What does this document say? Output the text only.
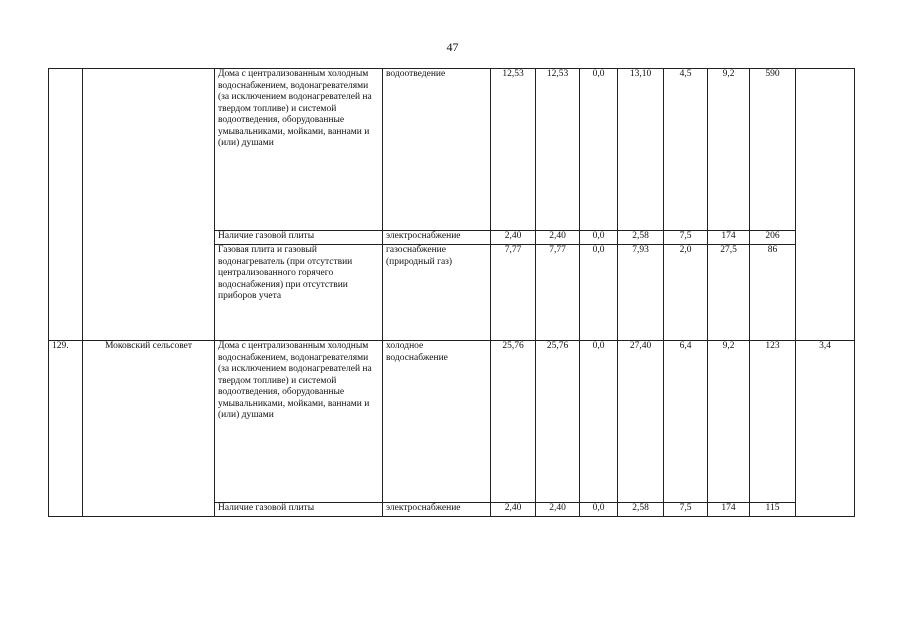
47
		Дома с централизованным холодным водоснабжением, водонагревателями (за исключением водонагревателей на твердом топливе) и системой водоотведения, оборудованные умывальниками, мойками, ваннами и (или) душами	водоотведение	12,53	12,53	0,0	13,10	4,5	9,2	590	
		Наличие газовой плиты	электроснабжение	2,40	2,40	0,0	2,58	7,5	174	206	
		Газовая плита и газовый водонагреватель (при отсутствии централизованного горячего водоснабжения) при отсутствии приборов учета	газоснабжение (природный газ)	7,77	7,77	0,0	7,93	2,0	27,5	86	
129.	Моковский сельсовет	Дома с централизованным холодным водоснабжением, водонагревателями (за исключением водонагревателей на твердом топливе) и системой водоотведения, оборудованные умывальниками, мойками, ваннами и (или) душами	холодное водоснабжение	25,76	25,76	0,0	27,40	6,4	9,2	123	3,4
		Наличие газовой плиты	электроснабжение	2,40	2,40	0,0	2,58	7,5	174	115	
